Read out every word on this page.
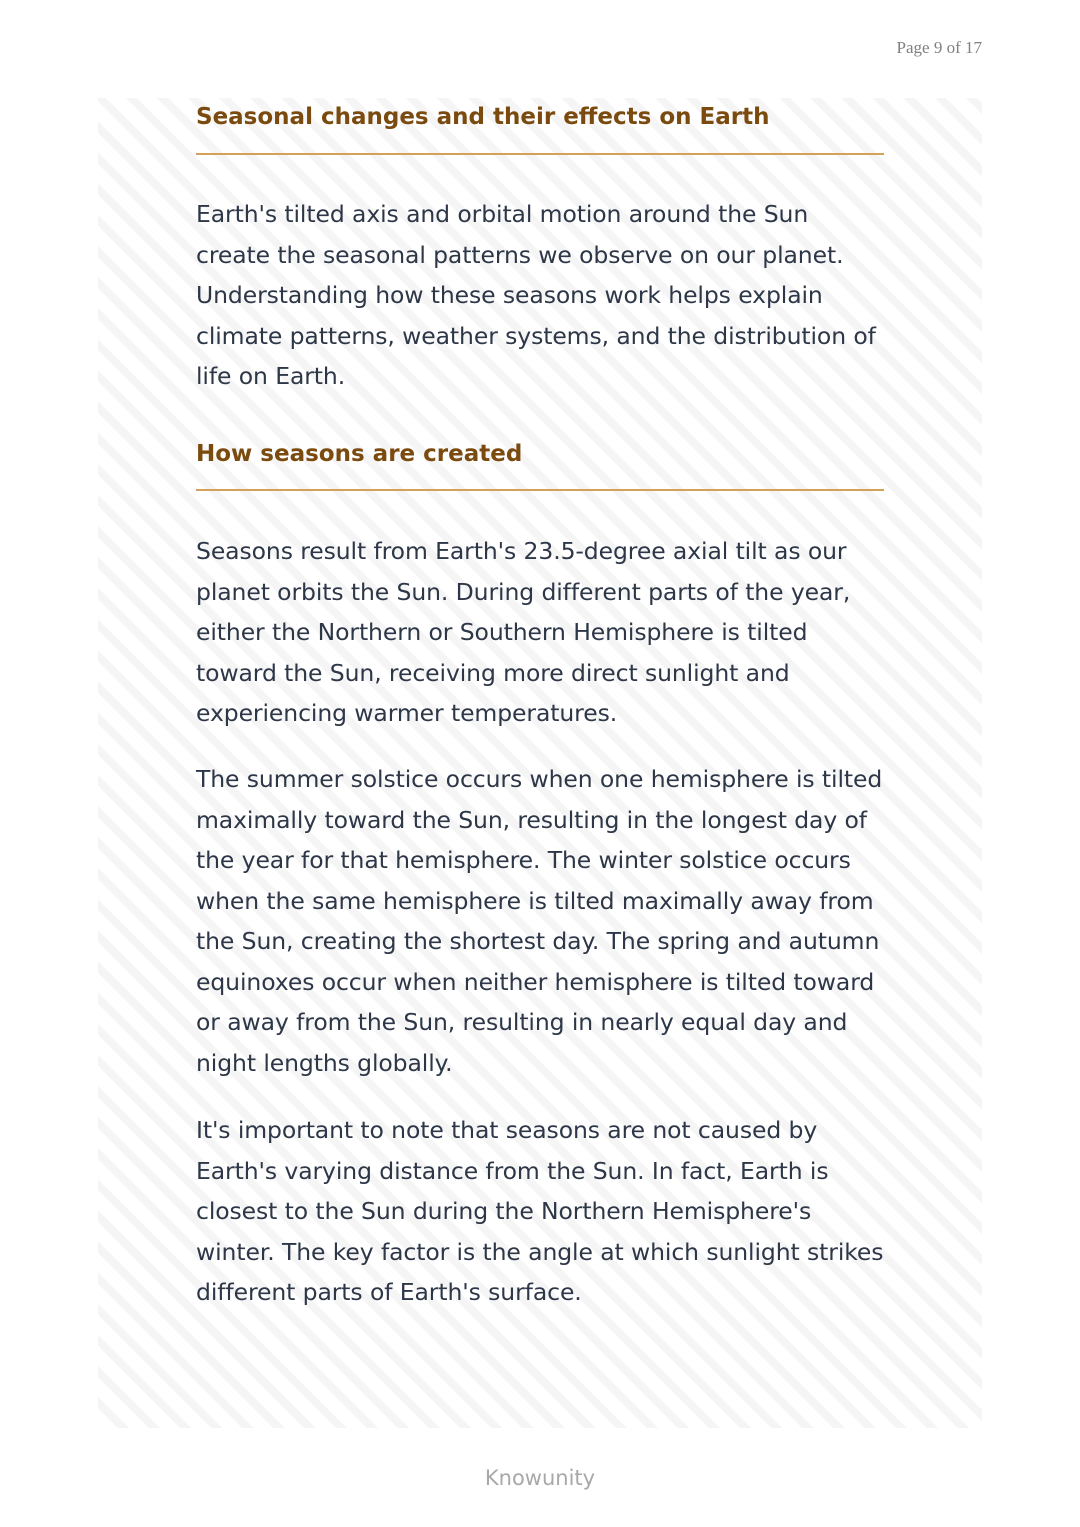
Page 9 of 17
Seasonal changes and their effects on Earth

Earth's tilted axis and orbital motion around the Sun create the seasonal patterns we observe on our planet. Understanding how these seasons work helps explain climate patterns, weather systems, and the distribution of life on Earth.

How seasons are created

Seasons result from Earth's 23.5-degree axial tilt as our planet orbits the Sun. During different parts of the year, either the Northern or Southern Hemisphere is tilted toward the Sun, receiving more direct sunlight and experiencing warmer temperatures.

The summer solstice occurs when one hemisphere is tilted maximally toward the Sun, resulting in the longest day of the year for that hemisphere. The winter solstice occurs when the same hemisphere is tilted maximally away from the Sun, creating the shortest day. The spring and autumn equinoxes occur when neither hemisphere is tilted toward or away from the Sun, resulting in nearly equal day and night lengths globally.

It's important to note that seasons are not caused by Earth's varying distance from the Sun. In fact, Earth is closest to the Sun during the Northern Hemisphere's winter. The key factor is the angle at which sunlight strikes different parts of Earth's surface.

Knowunity
